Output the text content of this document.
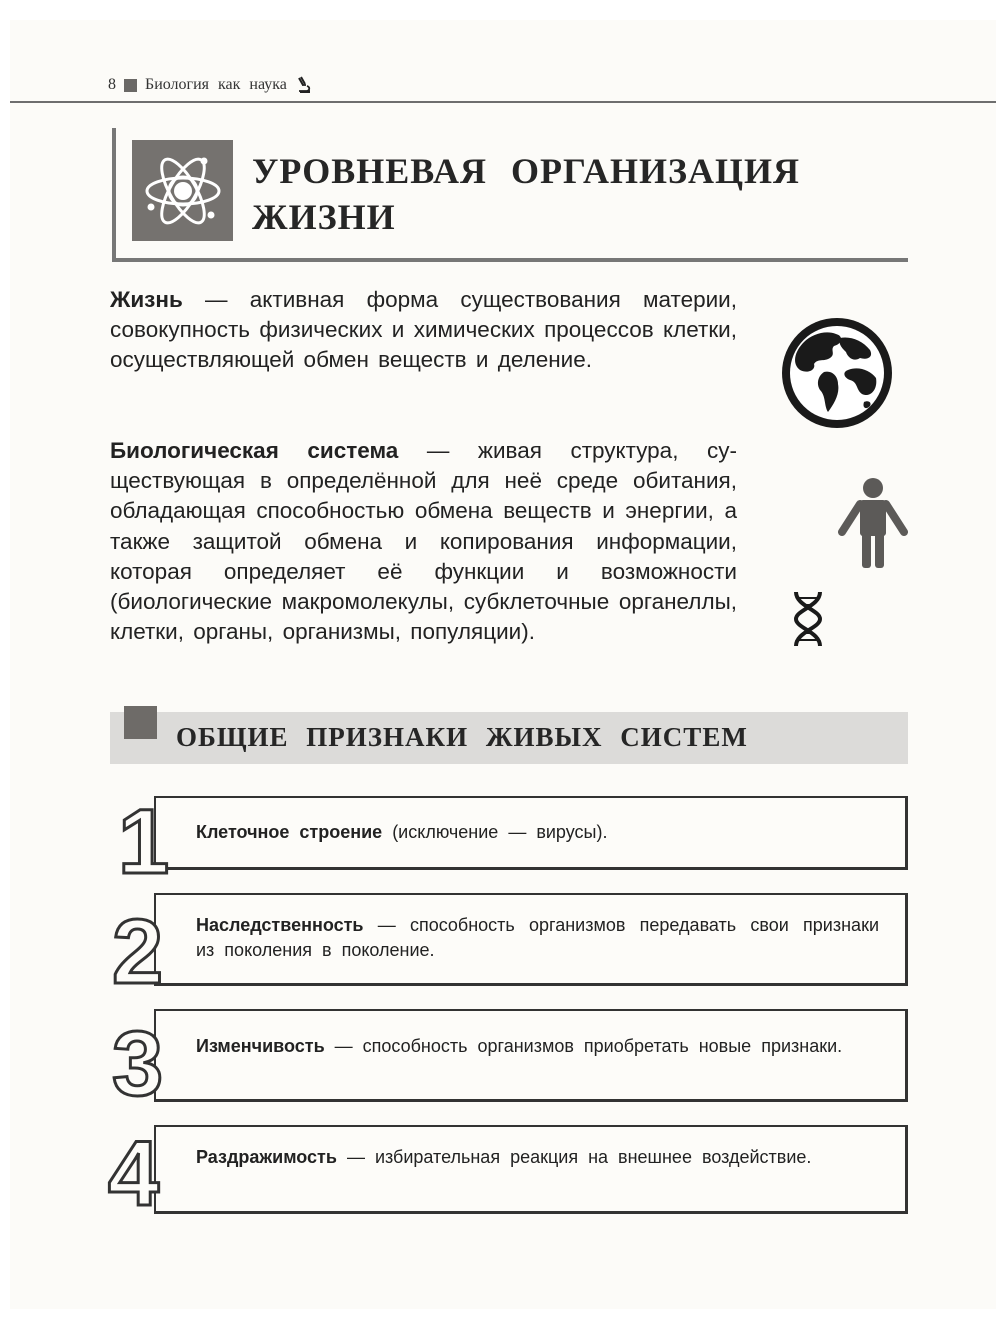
8 Биология как наука
УРОВНЕВАЯ ОРГАНИЗАЦИЯ
ЖИЗНИ

Жизнь — активная форма существования материи, совокупность физических и химических процессов клетки, осуществляющей обмен веществ и деление.

Биологическая система — живая структура, существующая в определённой для неё среде обитания, обладающая способностью обмена веществ и энергии, а также защитой обмена и копирования информации, которая определяет её функции и возможности (биологические макромолекулы, субклеточные органеллы, клетки, органы, организмы, популяции).

ОБЩИЕ ПРИЗНАКИ ЖИВЫХ СИСТЕМ
1 Клеточное строение (исключение — вирусы).

2 Наследственность — способность организмов передавать свои признаки из поколения в поколение.

3 Изменчивость — способность организмов приобретать новые признаки.

4 Раздражимость — избирательная реакция на внешнее воздействие.
